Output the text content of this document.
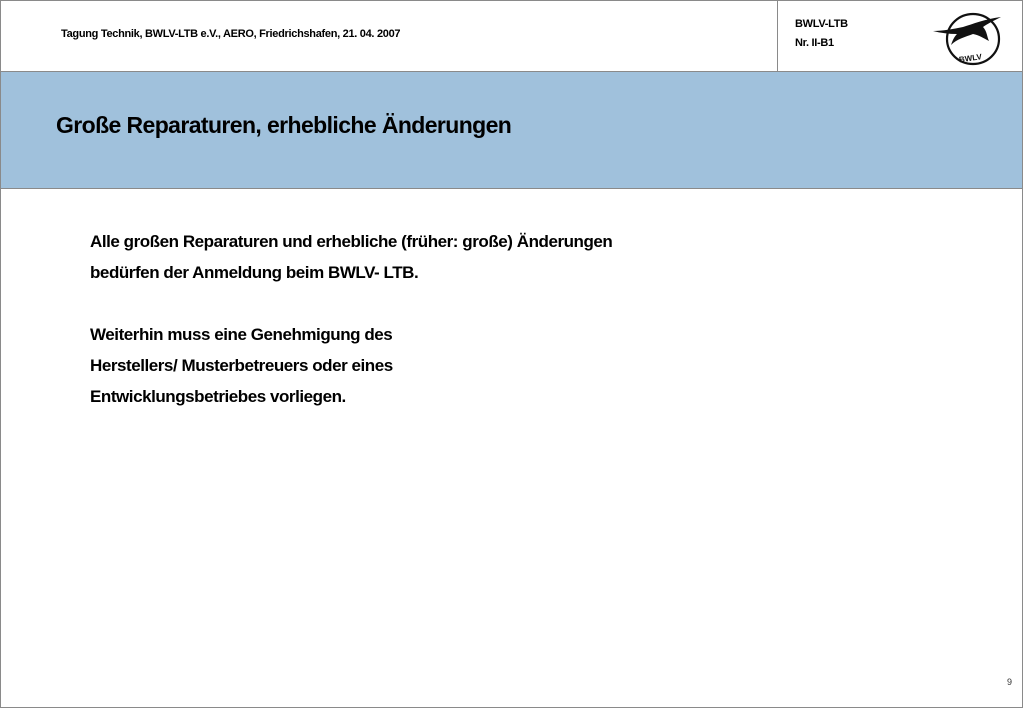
Tagung Technik, BWLV-LTB e.V., AERO, Friedrichshafen, 21. 04. 2007
BWLV-LTB
Nr. II-B1
BWLV
Große Reparaturen, erhebliche Änderungen

Alle großen Reparaturen und erhebliche (früher: große) Änderungen

bedürfen der Anmeldung beim BWLV- LTB.

Weiterhin muss eine Genehmigung des

Herstellers/ Musterbetreuers oder eines

Entwicklungsbetriebes vorliegen.

9
